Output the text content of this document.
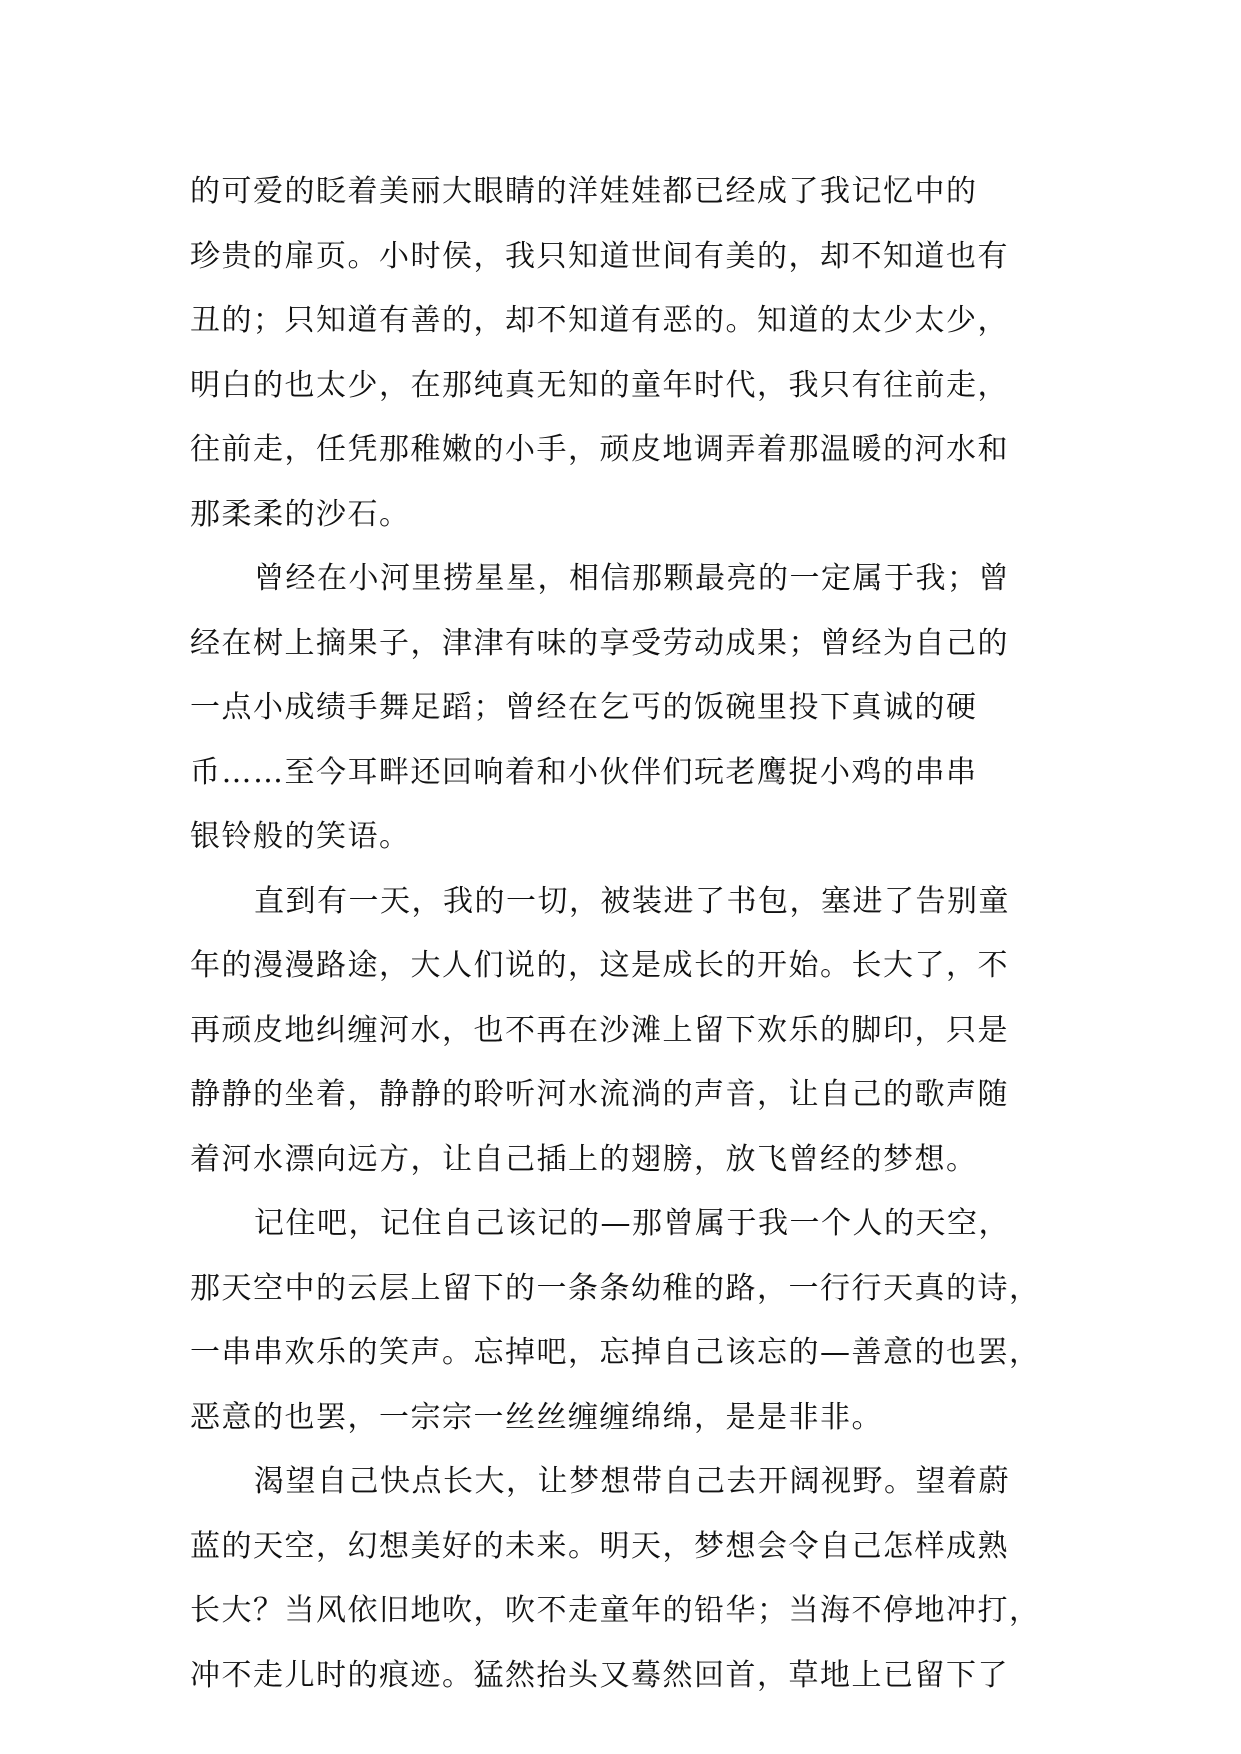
的可爱的眨着美丽大眼睛的洋娃娃都已经成了我记忆中的
珍贵的扉页。小时侯，我只知道世间有美的，却不知道也有
丑的；只知道有善的，却不知道有恶的。知道的太少太少，
明白的也太少，在那纯真无知的童年时代，我只有往前走，
往前走，任凭那稚嫩的小手，顽皮地调弄着那温暖的河水和
那柔柔的沙石。
曾经在小河里捞星星，相信那颗最亮的一定属于我；曾
经在树上摘果子，津津有味的享受劳动成果；曾经为自己的
一点小成绩手舞足蹈；曾经在乞丐的饭碗里投下真诚的硬
币……至今耳畔还回响着和小伙伴们玩老鹰捉小鸡的串串
银铃般的笑语。
直到有一天，我的一切，被装进了书包，塞进了告别童
年的漫漫路途，大人们说的，这是成长的开始。长大了，不
再顽皮地纠缠河水，也不再在沙滩上留下欢乐的脚印，只是
静静的坐着，静静的聆听河水流淌的声音，让自己的歌声随
着河水漂向远方，让自己插上的翅膀，放飞曾经的梦想。
记住吧，记住自己该记的—那曾属于我一个人的天空，
那天空中的云层上留下的一条条幼稚的路，一行行天真的诗，
一串串欢乐的笑声。忘掉吧，忘掉自己该忘的—善意的也罢，
恶意的也罢，一宗宗一丝丝缠缠绵绵，是是非非。
渴望自己快点长大，让梦想带自己去开阔视野。望着蔚
蓝的天空，幻想美好的未来。明天，梦想会令自己怎样成熟
长大？当风依旧地吹，吹不走童年的铅华；当海不停地冲打，
冲不走儿时的痕迹。猛然抬头又蓦然回首，草地上已留下了
